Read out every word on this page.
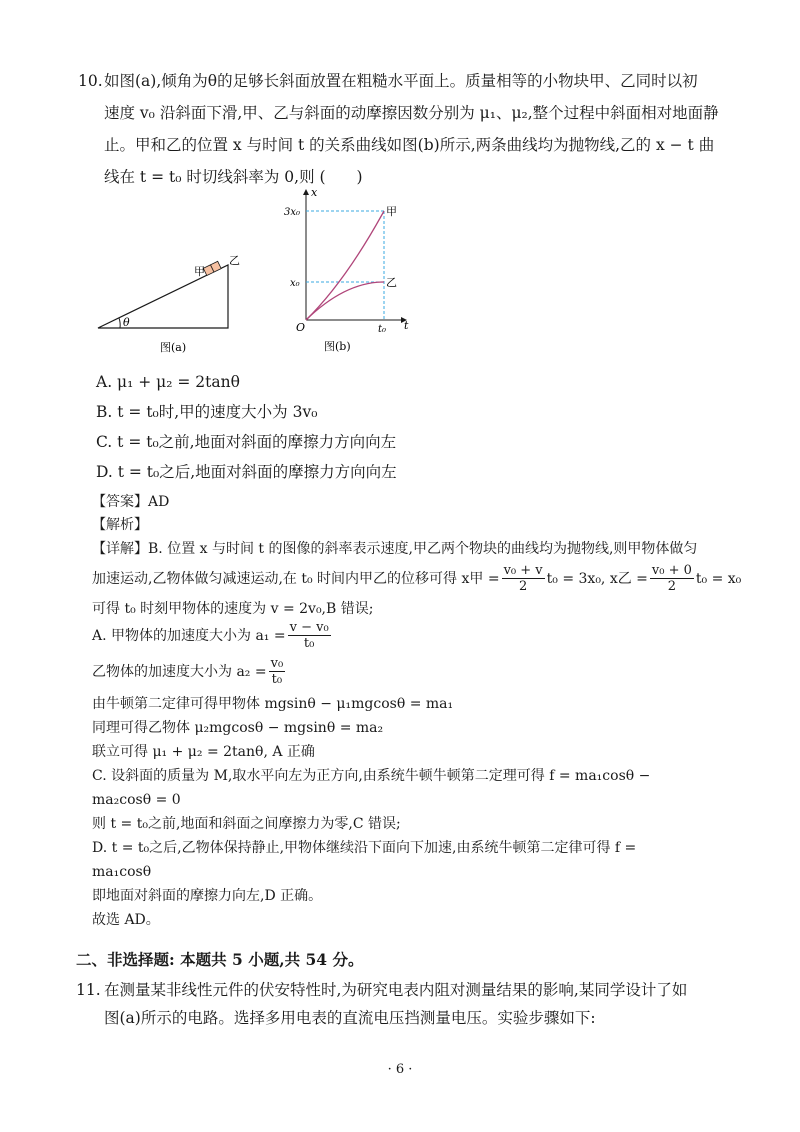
10. 如图(a),倾角为θ的足够长斜面放置在粗糙水平面上。质量相等的小物块甲、乙同时以初
速度 v₀ 沿斜面下滑,甲、乙与斜面的动摩擦因数分别为 μ₁、μ₂,整个过程中斜面相对地面静
止。甲和乙的位置 x 与时间 t 的关系曲线如图(b)所示,两条曲线均为抛物线,乙的 x − t 曲
线在 t = t₀ 时切线斜率为 0,则 (　　)
θ
甲
乙
图(a)
x
t
O
3x₀
x₀
t₀
甲
乙
图(b)
A. μ₁ + μ₂ = 2tanθ
B. t = t₀时,甲的速度大小为 3v₀
C. t = t₀之前,地面对斜面的摩擦力方向向左
D. t = t₀之后,地面对斜面的摩擦力方向向左
【答案】AD
【解析】
【详解】B. 位置 x 与时间 t 的图像的斜率表示速度,甲乙两个物块的曲线均为抛物线,则甲物体做匀
加速运动,乙物体做匀减速运动,在 t₀ 时间内甲乙的位移可得 x甲 = $\frac{\text{v₀ + v}}{2} t_0 = 3x_0$, x乙 = $\frac{\text{v₀ + 0}}{2} t_0 = x_0$
可得 t₀ 时刻甲物体的速度为 v = 2v₀,B 错误;
A. 甲物体的加速度大小为 $a_1 = \frac{\text{v − v₀}}{\text{t₀}}$
乙物体的加速度大小为 $a_2 = \frac{\text{v₀}}{\text{t₀}}$
由牛顿第二定律可得甲物体 mgsinθ − μ₁mgcosθ = ma₁
同理可得乙物体 μ₂mgcosθ − mgsinθ = ma₂
联立可得 μ₁ + μ₂ = 2tanθ, A 正确
C. 设斜面的质量为 M,取水平向左为正方向,由系统牛顿牛顿第二定理可得 f = ma₁cosθ −
ma₂cosθ = 0
则 t = t₀之前,地面和斜面之间摩擦力为零,C 错误;
D. t = t₀之后,乙物体保持静止,甲物体继续沿下面向下加速,由系统牛顿第二定律可得 f =
ma₁cosθ
即地面对斜面的摩擦力向左,D 正确。
故选 AD。
二、非选择题: 本题共 5 小题,共 54 分。
11. 在测量某非线性元件的伏安特性时,为研究电表内阻对测量结果的影响,某同学设计了如
图(a)所示的电路。选择多用电表的直流电压挡测量电压。实验步骤如下:
· 6 ·
